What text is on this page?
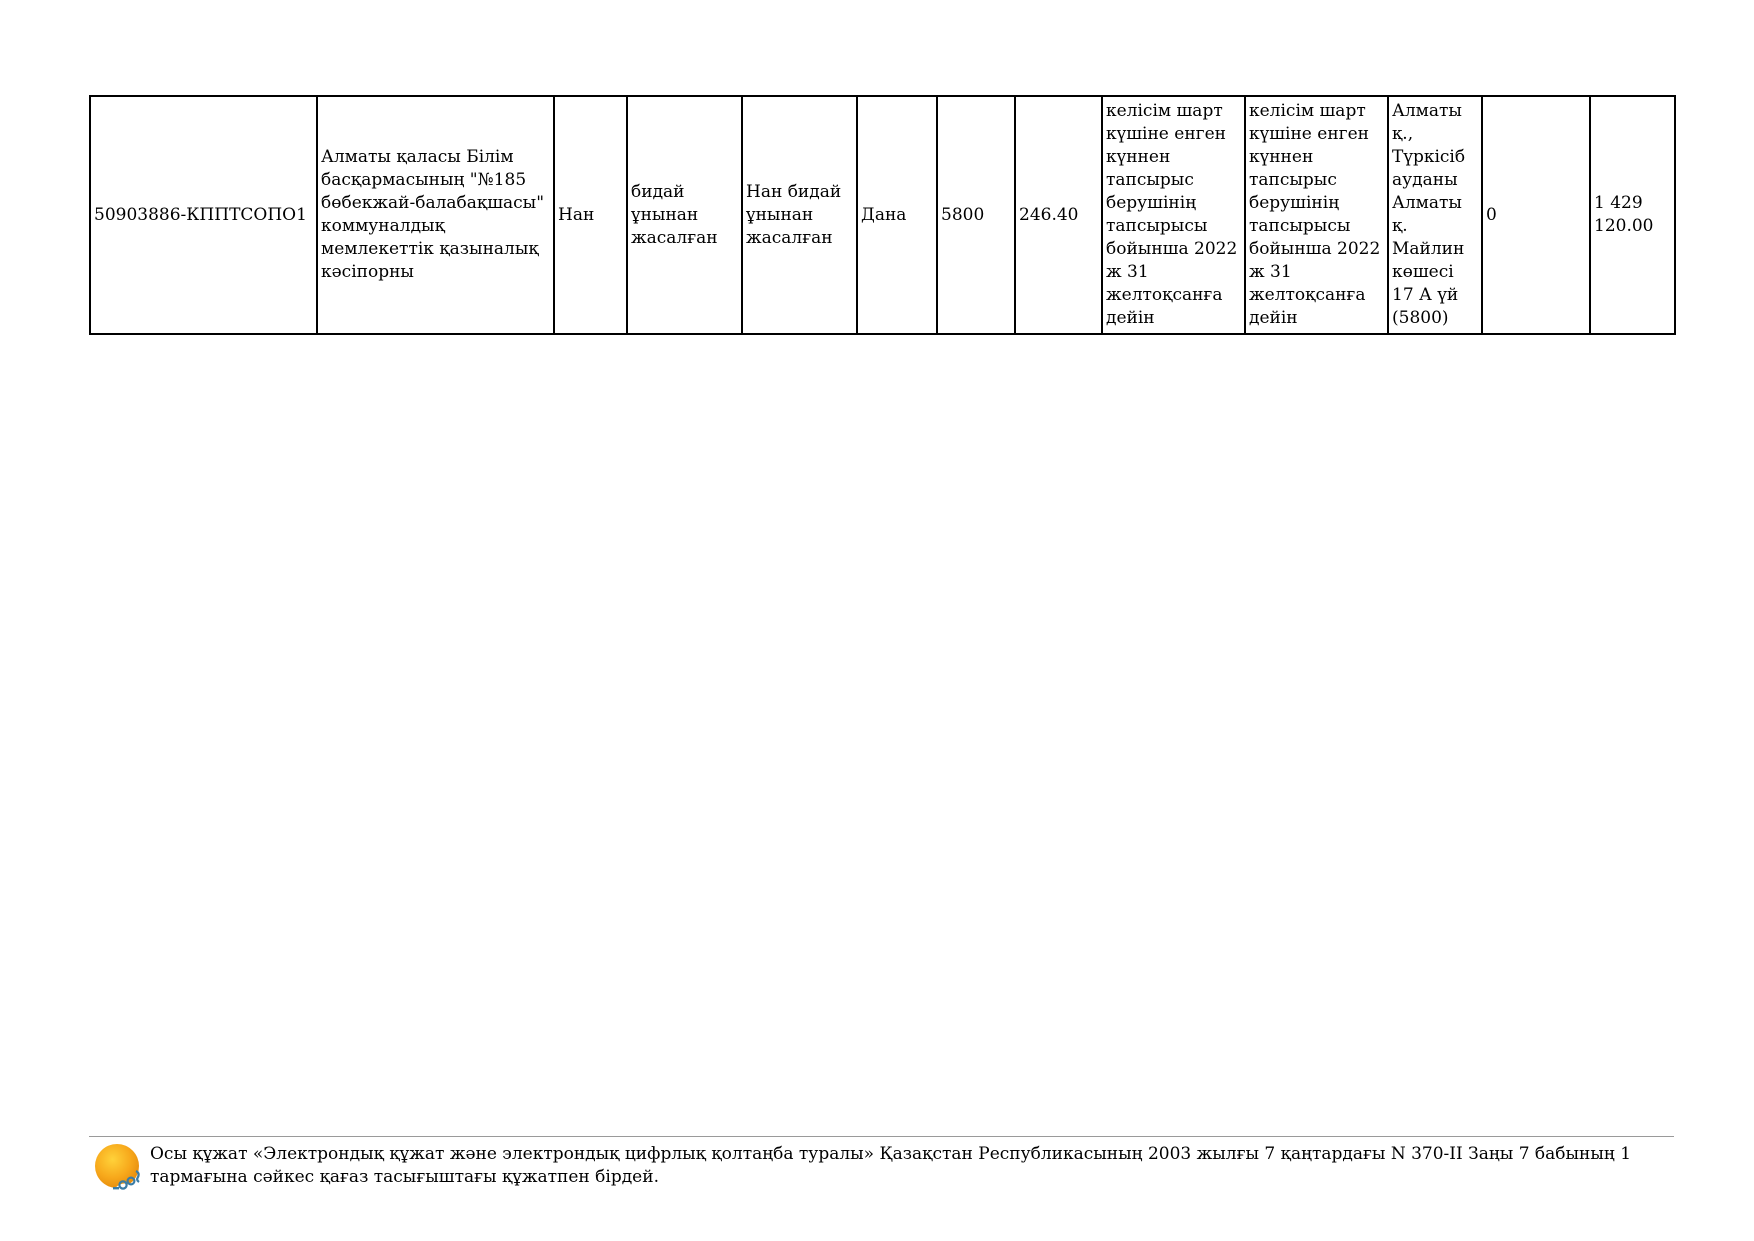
50903886-КППТСОПО1	Алматы қаласы Білім басқармасының "№185 бөбекжай-балабақшасы" коммуналдық мемлекеттік қазыналық кәсіпорны	Нан	бидай ұнынан жасалған	Нан бидай ұнынан жасалған	Дана	5800	246.40	келісім шарт күшіне енген күннен тапсырыс берушінің тапсырысы бойынша 2022 ж 31 желтоқсанға дейін	келісім шарт күшіне енген күннен тапсырыс берушінің тапсырысы бойынша 2022 ж 31 желтоқсанға дейін	Алматы қ., Түркісіб ауданы Алматы қ. Майлин көшесі 17 А үй (5800)	0	1 429 120.00
Осы құжат «Электрондық құжат және электрондық цифрлық қолтаңба туралы» Қазақстан Республикасының 2003 жылғы 7 қаңтардағы N 370-ІІ Заңы 7 бабының 1 тармағына сәйкес қағаз тасығыштағы құжатпен бірдей.
